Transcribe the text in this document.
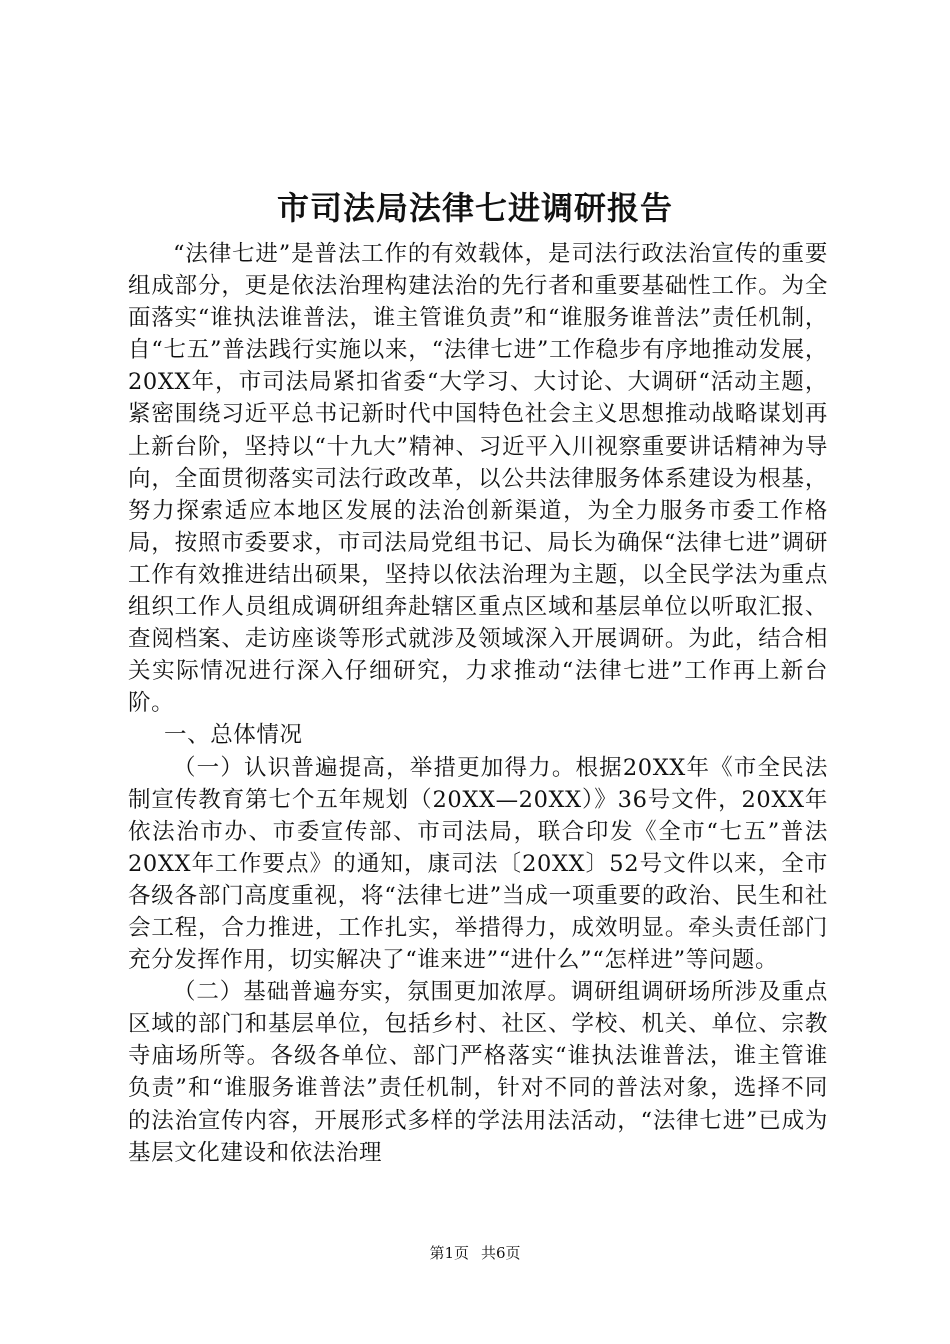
市司法局法律七进调研报告

“法律七进”是普法工作的有效载体，是司法行政法治宣传的重要组成部分，更是依法治理构建法治的先行者和重要基础性工作。为全面落实“谁执法谁普法，谁主管谁负责”和“谁服务谁普法”责任机制，自“七五”普法践行实施以来，“法律七进”工作稳步有序地推动发展，20XX年，市司法局紧扣省委“大学习、大讨论、大调研“活动主题，紧密围绕习近平总书记新时代中国特色社会主义思想推动战略谋划再上新台阶，坚持以“十九大”精神、习近平入川视察重要讲话精神为导向，全面贯彻落实司法行政改革，以公共法律服务体系建设为根基，努力探索适应本地区发展的法治创新渠道，为全力服务市委工作格局，按照市委要求，市司法局党组书记、局长为确保“法律七进”调研工作有效推进结出硕果，坚持以依法治理为主题，以全民学法为重点组织工作人员组成调研组奔赴辖区重点区域和基层单位以听取汇报、查阅档案、走访座谈等形式就涉及领域深入开展调研。为此，结合相关实际情况进行深入仔细研究，力求推动“法律七进”工作再上新台阶。

一、总体情况

（一）认识普遍提高，举措更加得力。根据20XX年《市全民法制宣传教育第七个五年规划（20XX—20XX）》36号文件，20XX年依法治市办、市委宣传部、市司法局，联合印发《全市“七五”普法20XX年工作要点》的通知，康司法〔20XX〕52号文件以来，全市各级各部门高度重视，将“法律七进”当成一项重要的政治、民生和社会工程，合力推进，工作扎实，举措得力，成效明显。牵头责任部门充分发挥作用，切实解决了“谁来进”“进什么”“怎样进”等问题。

（二）基础普遍夯实，氛围更加浓厚。调研组调研场所涉及重点区域的部门和基层单位，包括乡村、社区、学校、机关、单位、宗教寺庙场所等。各级各单位、部门严格落实“谁执法谁普法，谁主管谁负责”和“谁服务谁普法”责任机制，针对不同的普法对象，选择不同的法治宣传内容，开展形式多样的学法用法活动，“法律七进”已成为基层文化建设和依法治理

第1页 共6页
